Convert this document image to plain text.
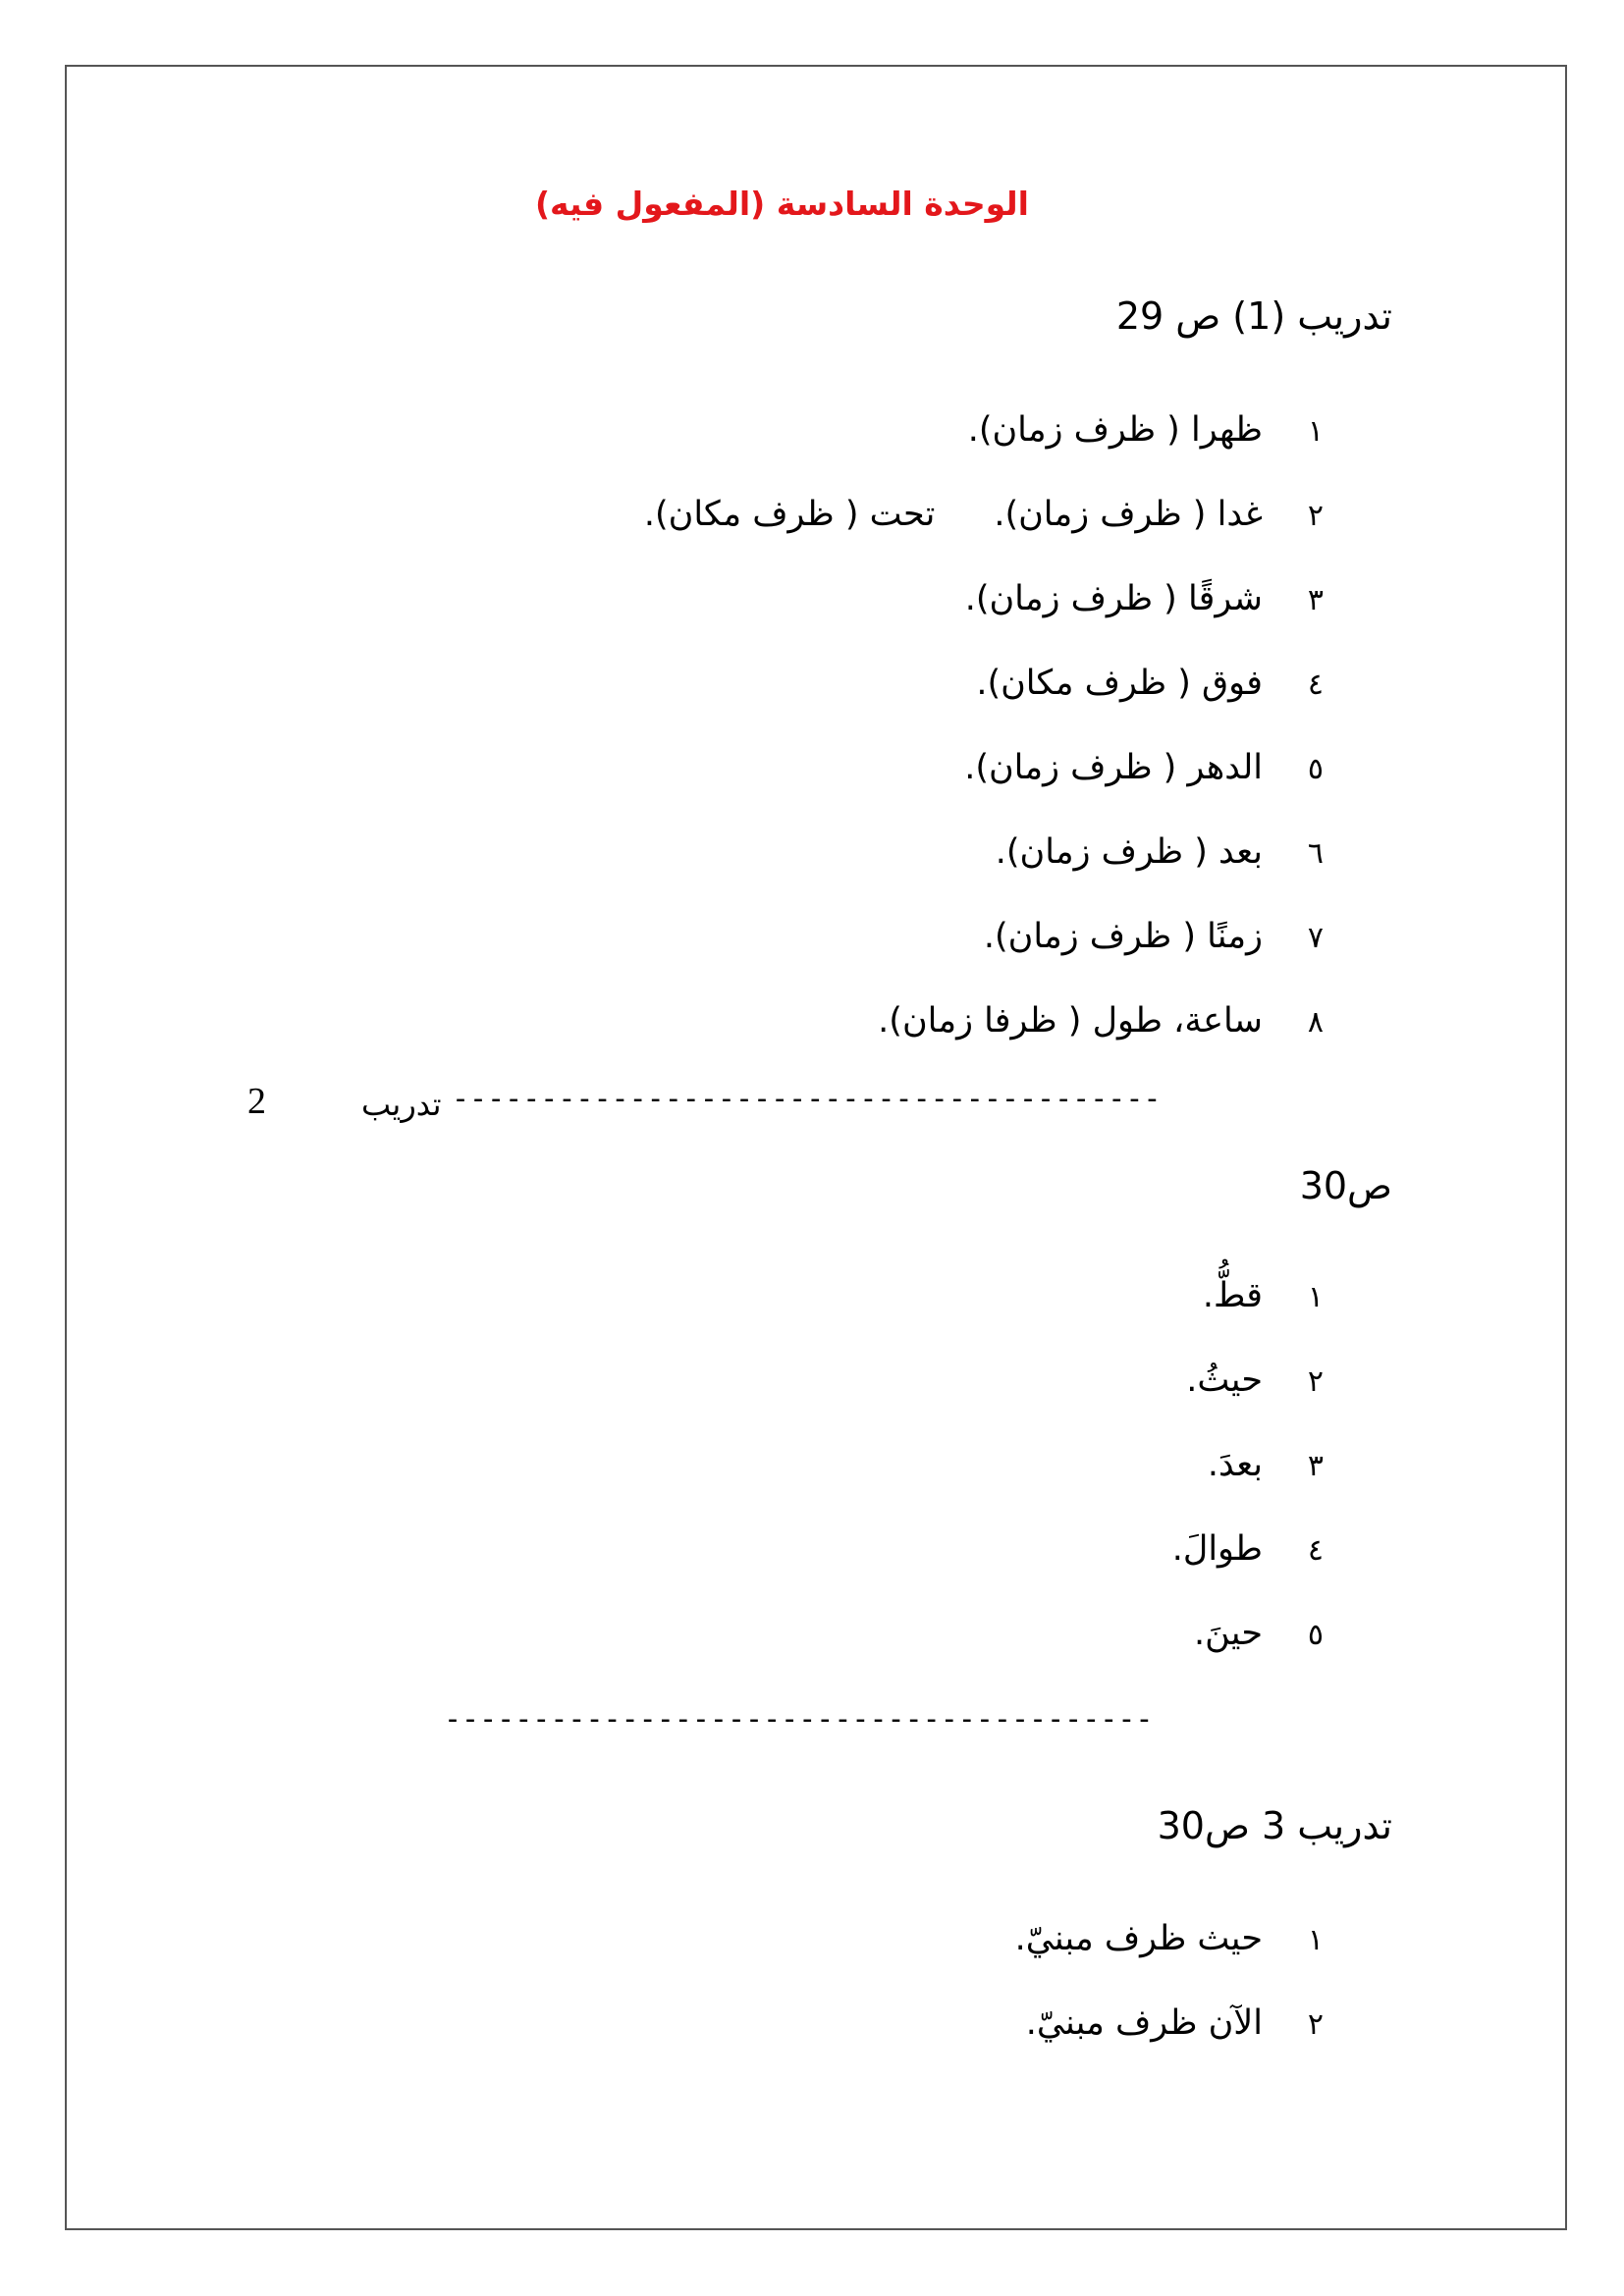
الوحدة السادسة (المفعول فيه)
تدريب (1) ص 29
١ظهرا ( ظرف زمان).
٢غدا ( ظرف زمان).تحت ( ظرف مكان).
٣شرقًا ( ظرف زمان).
٤فوق ( ظرف مكان).
٥الدهر ( ظرف زمان).
٦بعد ( ظرف زمان).
٧زمنًا ( ظرف زمان).
٨ساعة، طول ( ظرفا زمان).
----------------------------------------
تدريب
2
ص30
١قطُّ.
٢حيثُ.
٣بعدَ.
٤طوالَ.
٥حينَ.
----------------------------------------
تدريب 3 ص30
١حيث ظرف مبنيّ.
٢الآن ظرف مبنيّ.
